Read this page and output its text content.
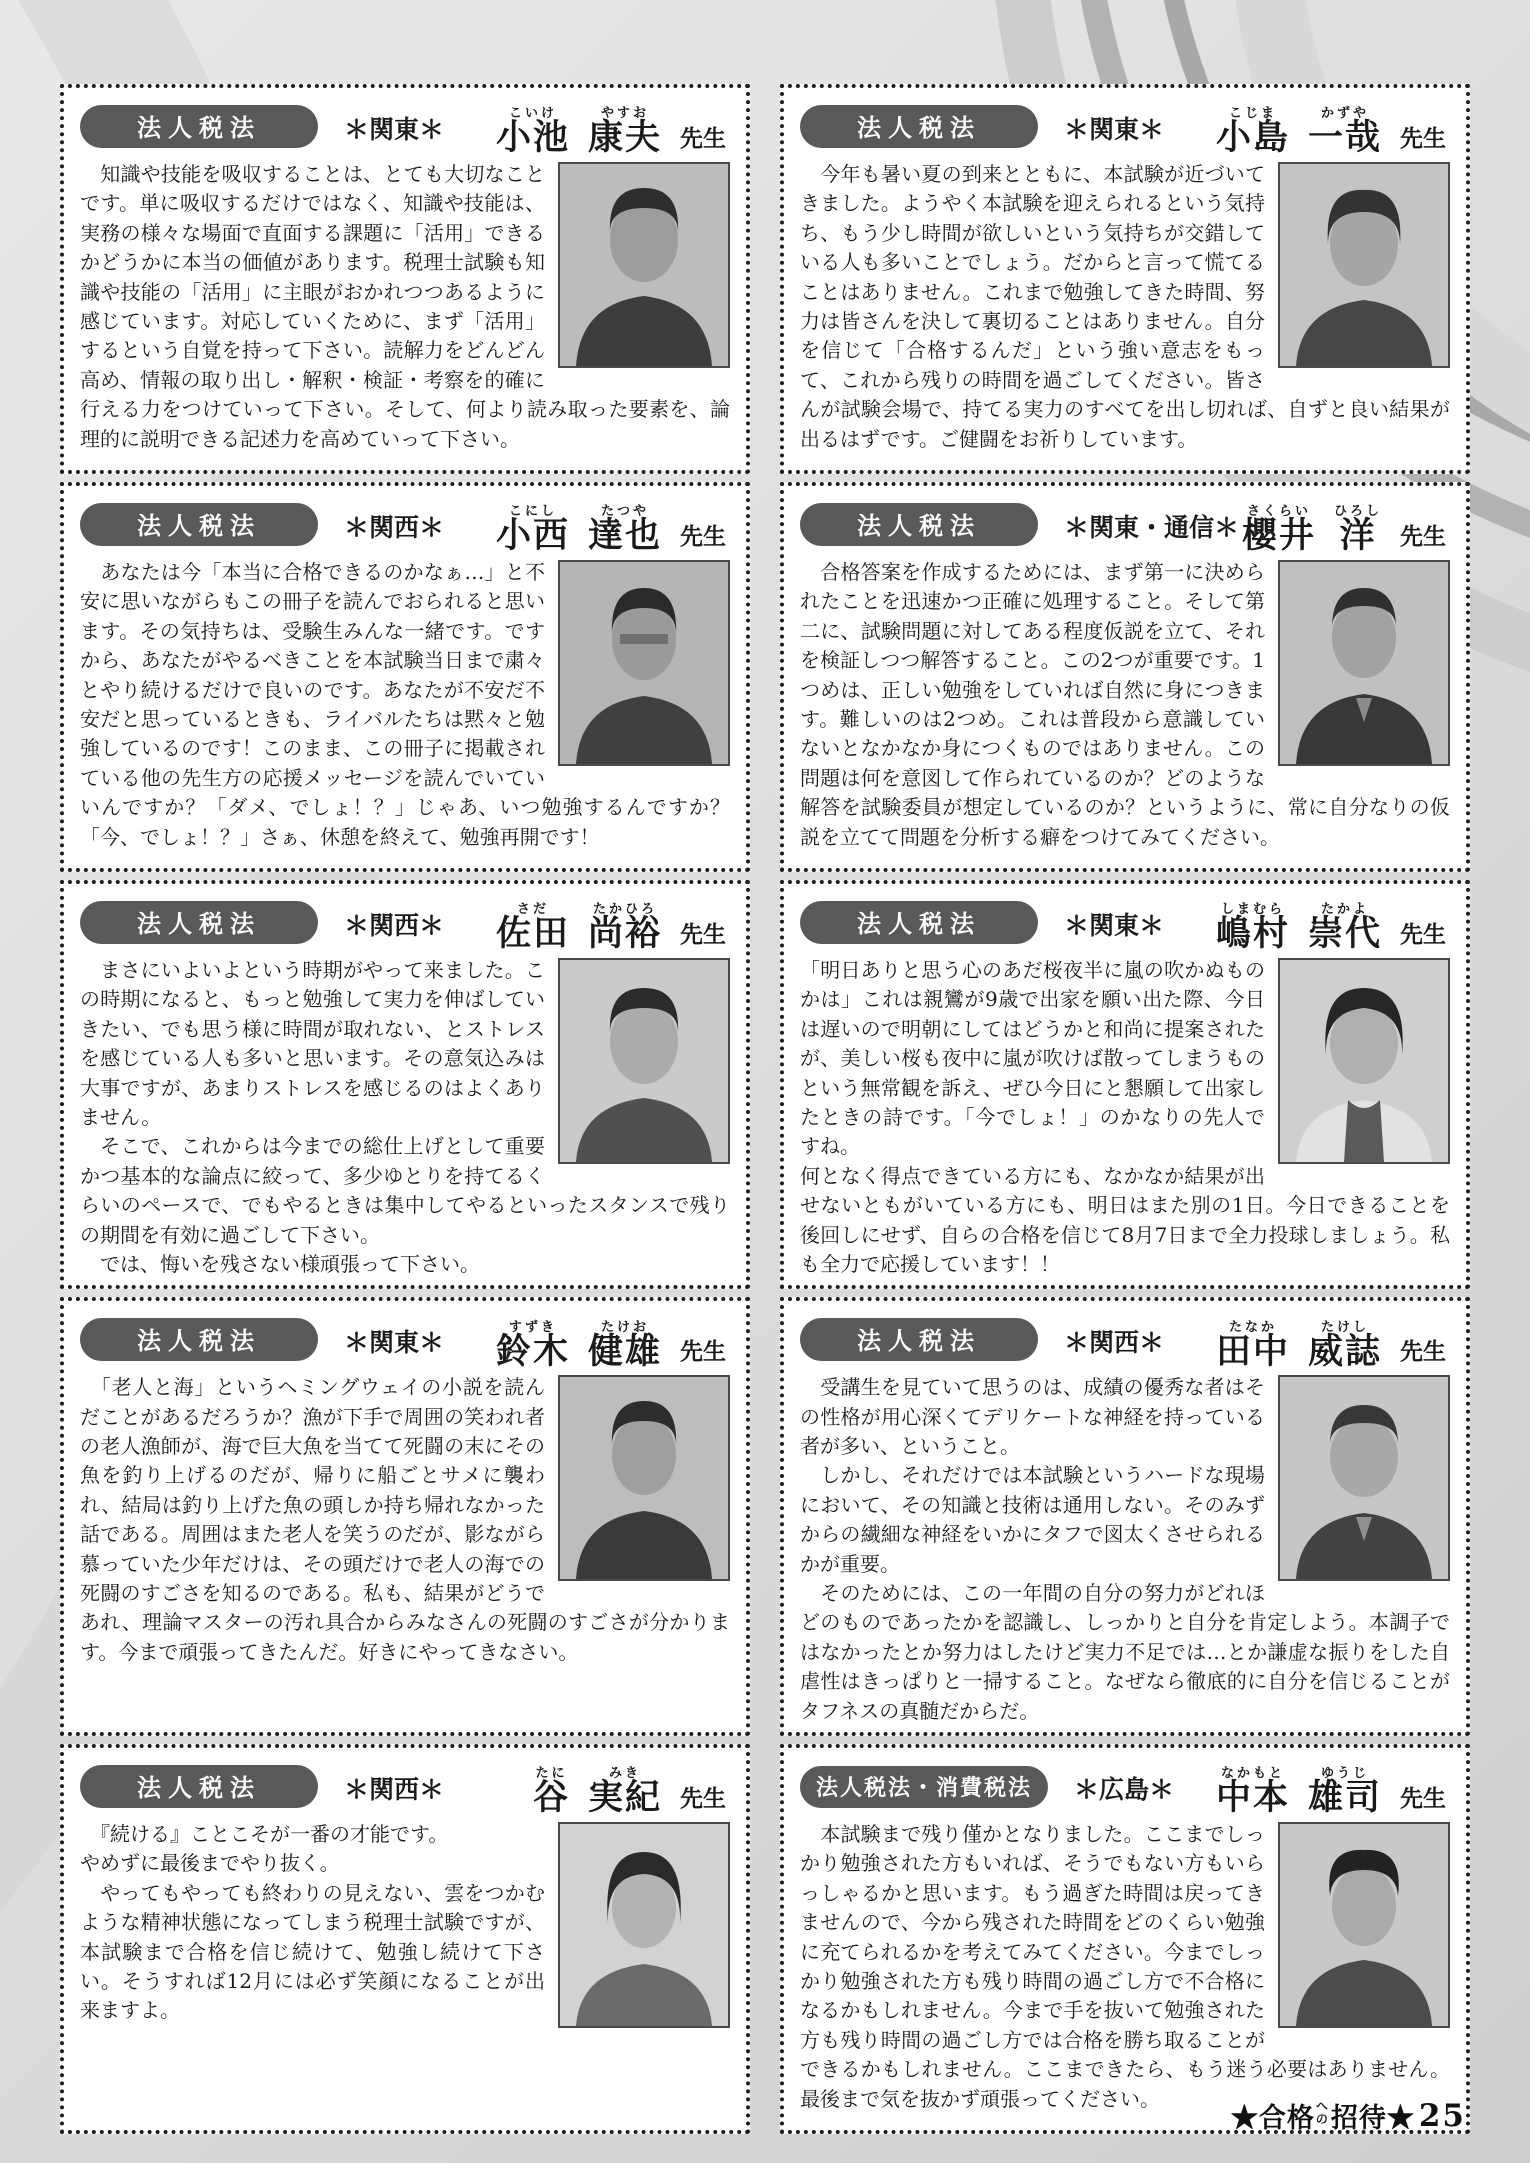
法人税法	＊関東＊
こいけ
小池
やすお
康夫 先生

　知識や技能を吸収することは、とても大切なことです。単に吸収するだけではなく、知識や技能は、実務の様々な場面で直面する課題に「活用」できるかどうかに本当の価値があります。税理士試験も知識や技能の「活用」に主眼がおかれつつあるように感じています。対応していくために、まず「活用」するという自覚を持って下さい。読解力をどんどん高め、情報の取り出し・解釈・検証・考察を的確に行える力をつけていって下さい。そして、何より読み取った要素を、論理的に説明できる記述力を高めていって下さい。

法人税法	＊関東＊
こじま
小島
かずや
一哉 先生

　今年も暑い夏の到来とともに、本試験が近づいてきました。ようやく本試験を迎えられるという気持ち、もう少し時間が欲しいという気持ちが交錯している人も多いことでしょう。だからと言って慌てることはありません。これまで勉強してきた時間、努力は皆さんを決して裏切ることはありません。自分を信じて「合格するんだ」という強い意志をもって、これから残りの時間を過ごしてください。皆さんが試験会場で、持てる実力のすべてを出し切れば、自ずと良い結果が出るはずです。ご健闘をお祈りしています。

法人税法	＊関西＊
こにし
小西
たつや
達也 先生

　あなたは今「本当に合格できるのかなぁ…」と不安に思いながらもこの冊子を読んでおられると思います。その気持ちは、受験生みんな一緒です。ですから、あなたがやるべきことを本試験当日まで粛々とやり続けるだけで良いのです。あなたが不安だ不安だと思っているときも、ライバルたちは黙々と勉強しているのです！このまま、この冊子に掲載されている他の先生方の応援メッセージを読んでいていいんですか？「ダメ、でしょ！？」じゃあ、いつ勉強するんですか？「今、でしょ！？」さぁ、休憩を終えて、勉強再開です！

法人税法	＊関東・通信＊
さくらい
櫻井
ひろし
洋 先生

　合格答案を作成するためには、まず第一に決められたことを迅速かつ正確に処理すること。そして第二に、試験問題に対してある程度仮説を立て、それを検証しつつ解答すること。この2つが重要です。1つめは、正しい勉強をしていれば自然に身につきます。難しいのは2つめ。これは普段から意識していないとなかなか身につくものではありません。この問題は何を意図して作られているのか？どのような解答を試験委員が想定しているのか？というように、常に自分なりの仮説を立てて問題を分析する癖をつけてみてください。

法人税法	＊関西＊
さだ
佐田
たかひろ
尚裕 先生

　まさにいよいよという時期がやって来ました。この時期になると、もっと勉強して実力を伸ばしていきたい、でも思う様に時間が取れない、とストレスを感じている人も多いと思います。その意気込みは大事ですが、あまりストレスを感じるのはよくありません。

　そこで、これからは今までの総仕上げとして重要かつ基本的な論点に絞って、多少ゆとりを持てるくらいのペースで、でもやるときは集中してやるといったスタンスで残りの期間を有効に過ごして下さい。

　では、悔いを残さない様頑張って下さい。

法人税法	＊関東＊
しまむら
嶋村
たかよ
崇代 先生

「明日ありと思う心のあだ桜夜半に嵐の吹かぬものかは」これは親鸞が9歳で出家を願い出た際、今日は遅いので明朝にしてはどうかと和尚に提案されたが、美しい桜も夜中に嵐が吹けば散ってしまうものという無常観を訴え、ぜひ今日にと懇願して出家したときの詩です。「今でしょ！」のかなりの先人ですね。

何となく得点できている方にも、なかなか結果が出せないともがいている方にも、明日はまた別の1日。今日できることを後回しにせず、自らの合格を信じて8月7日まで全力投球しましょう。私も全力で応援しています！！

法人税法	＊関東＊
すずき
鈴木
たけお
健雄 先生

　「老人と海」というヘミングウェイの小説を読んだことがあるだろうか？漁が下手で周囲の笑われ者の老人漁師が、海で巨大魚を当てて死闘の末にその魚を釣り上げるのだが、帰りに船ごとサメに襲われ、結局は釣り上げた魚の頭しか持ち帰れなかった話である。周囲はまた老人を笑うのだが、影ながら慕っていた少年だけは、その頭だけで老人の海での死闘のすごさを知るのである。私も、結果がどうであれ、理論マスターの汚れ具合からみなさんの死闘のすごさが分かります。今まで頑張ってきたんだ。好きにやってきなさい。

法人税法	＊関西＊
たなか
田中
たけし
威誌 先生

　受講生を見ていて思うのは、成績の優秀な者はその性格が用心深くてデリケートな神経を持っている者が多い、ということ。

　しかし、それだけでは本試験というハードな現場において、その知識と技術は通用しない。そのみずからの繊細な神経をいかにタフで図太くさせられるかが重要。

　そのためには、この一年間の自分の努力がどれほどのものであったかを認識し、しっかりと自分を肯定しよう。本調子ではなかったとか努力はしたけど実力不足では…とか謙虚な振りをした自虐性はきっぱりと一掃すること。なぜなら徹底的に自分を信じることがタフネスの真髄だからだ。

法人税法	＊関西＊
たに
谷
みき
実紀 先生

　『続ける』ことこそが一番の才能です。

やめずに最後までやり抜く。

　やってもやっても終わりの見えない、雲をつかむような精神状態になってしまう税理士試験ですが、本試験まで合格を信じ続けて、勉強し続けて下さい。そうすれば12月には必ず笑顔になることが出来ますよ。

法人税法・消費税法	＊広島＊
なかもと
中本
ゆうじ
雄司 先生

　本試験まで残り僅かとなりました。ここまでしっかり勉強された方もいれば、そうでもない方もいらっしゃるかと思います。もう過ぎた時間は戻ってきませんので、今から残された時間をどのくらい勉強に充てられるかを考えてみてください。今までしっかり勉強された方も残り時間の過ごし方で不合格になるかもしれません。今まで手を抜いて勉強された方も残り時間の過ごし方では合格を勝ち取ることができるかもしれません。ここまできたら、もう迷う必要はありません。最後まで気を抜かず頑張ってください。

★合格 への 招待★ 25
